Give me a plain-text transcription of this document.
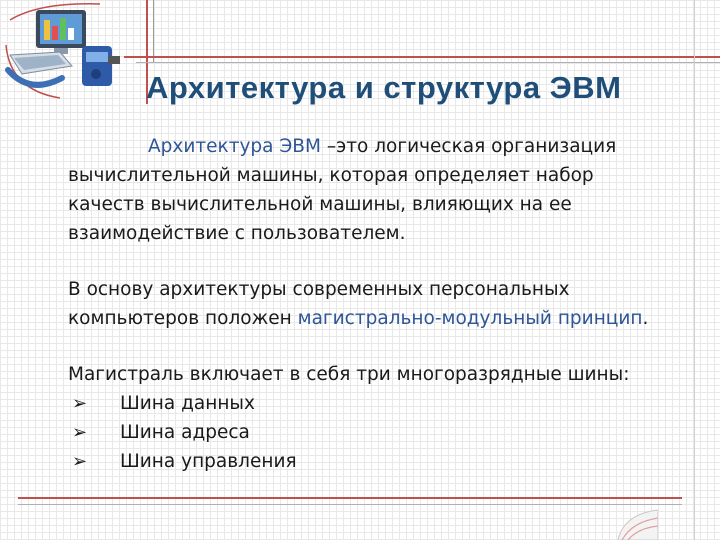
Архитектура и структура ЭВМ

Архитектура ЭВМ –это логическая организация
вычислительной машины, которая определяет набор
качеств вычислительной машины, влияющих на ее
взаимодействие с пользователем.

В основу архитектуры современных персональных
компьютеров положен магистрально-модульный принцип.

Магистраль включает в себя три многоразрядные шины:
➢ Шина данных
➢ Шина адреса
➢ Шина управления
